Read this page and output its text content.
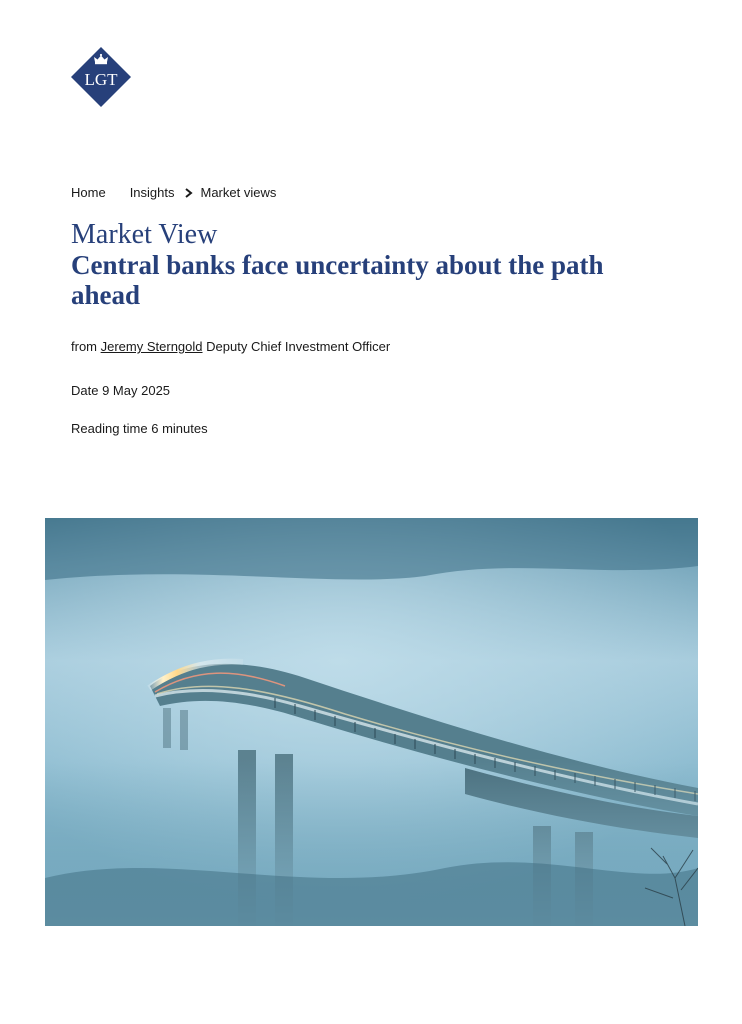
LGT
Home Insights Market views
Market View
Central banks face uncertainty about the path ahead

from Jeremy Sterngold Deputy Chief Investment Officer

Date 9 May 2025

Reading time 6 minutes
